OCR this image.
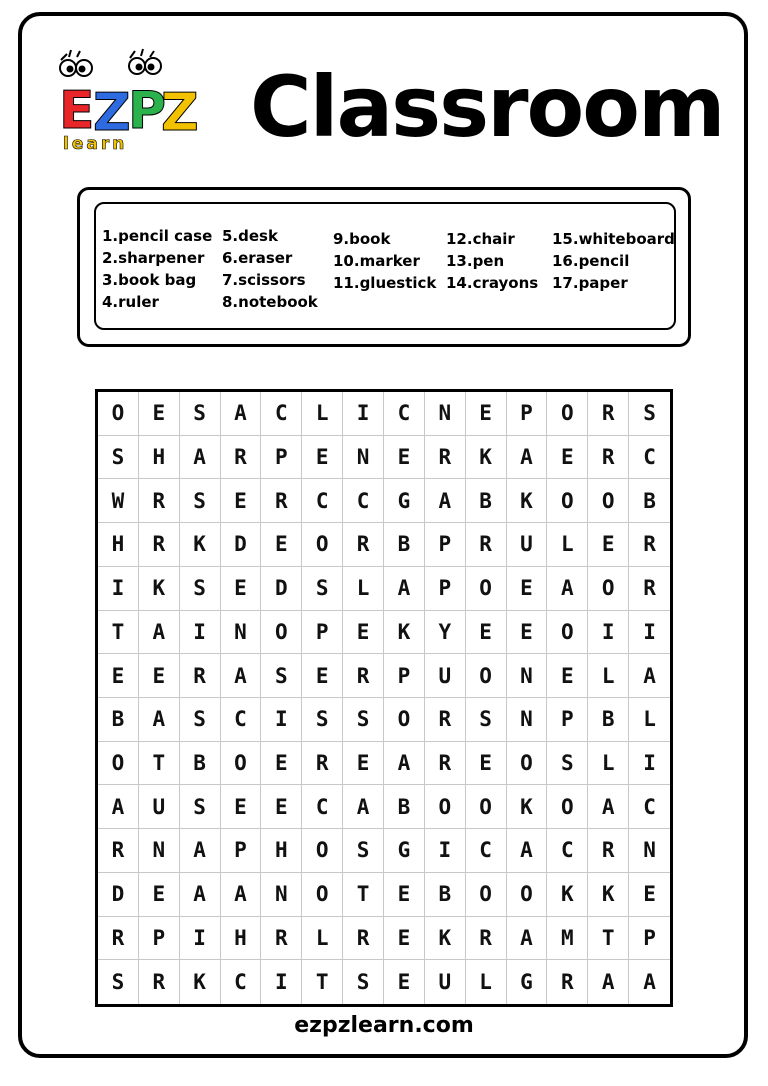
E
Z
P
Z
learn Classroom
1.pencil case
2.sharpener
3.book bag
4.ruler
5.desk
6.eraser
7.scissors
8.notebook
9.book
10.marker
11.gluestick
12.chair
13.pen
14.crayons
15.whiteboard
16.pencil
17.paper
O	E	S	A	C	L	I	C	N	E	P	O	R	S
S	H	A	R	P	E	N	E	R	K	A	E	R	C
W	R	S	E	R	C	C	G	A	B	K	O	O	B
H	R	K	D	E	O	R	B	P	R	U	L	E	R
I	K	S	E	D	S	L	A	P	O	E	A	O	R
T	A	I	N	O	P	E	K	Y	E	E	O	I	I
E	E	R	A	S	E	R	P	U	O	N	E	L	A
B	A	S	C	I	S	S	O	R	S	N	P	B	L
O	T	B	O	E	R	E	A	R	E	O	S	L	I
A	U	S	E	E	C	A	B	O	O	K	O	A	C
R	N	A	P	H	O	S	G	I	C	A	C	R	N
D	E	A	A	N	O	T	E	B	O	O	K	K	E
R	P	I	H	R	L	R	E	K	R	A	M	T	P
S	R	K	C	I	T	S	E	U	L	G	R	A	A
ezpzlearn.com
